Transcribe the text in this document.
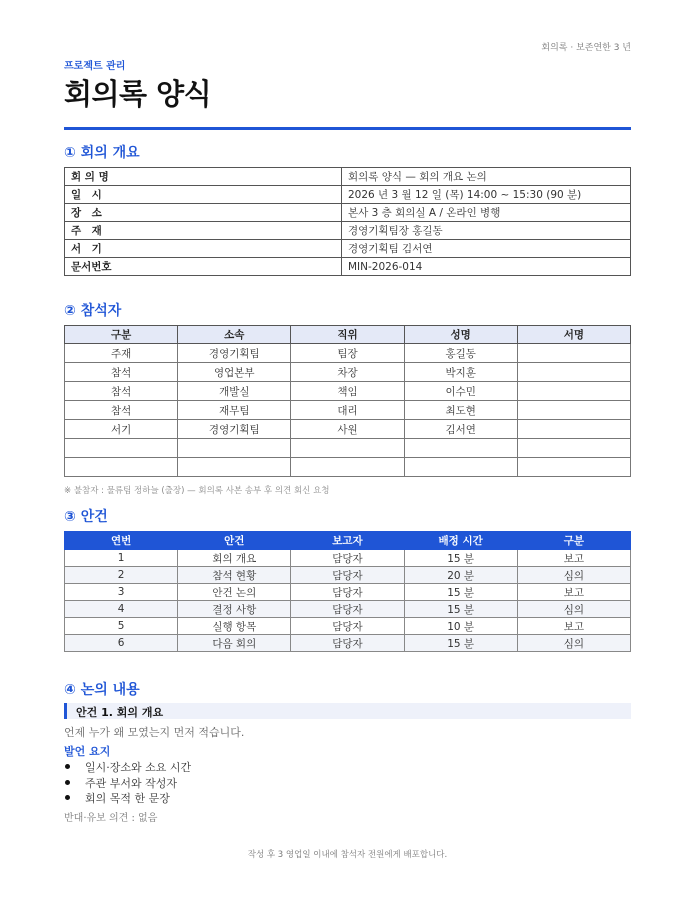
회의록 · 보존연한 3 년
프로젝트 관리
회의록 양식
① 회의 개요
회 의 명	회의록 양식 — 회의 개요 논의
일　시	2026 년 3 월 12 일 (목) 14:00 ~ 15:30 (90 분)
장　소	본사 3 층 회의실 A / 온라인 병행
주　재	경영기획팀장 홍길동
서　기	경영기획팀 김서연
문서번호	MIN-2026-014
② 참석자
구분	소속	직위	성명	서명
주재	경영기획팀	팀장	홍길동	
참석	영업본부	차장	박지훈	
참석	개발실	책임	이수민	
참석	재무팀	대리	최도현	
서기	경영기획팀	사원	김서연	

※ 불참자 : 물류팀 정하늘 (출장) — 회의록 사본 송부 후 의견 회신 요청
③ 안건
연번	안건	보고자	배정 시간	구분
1	회의 개요	담당자	15 분	보고
2	참석 현황	담당자	20 분	심의
3	안건 논의	담당자	15 분	보고
4	결정 사항	담당자	15 분	심의
5	실행 항목	담당자	10 분	보고
6	다음 회의	담당자	15 분	심의
④ 논의 내용
안건 1. 회의 개요
언제 누가 왜 모였는지 먼저 적습니다.
발언 요지
일시·장소와 소요 시간
주관 부서와 작성자
회의 목적 한 문장
반대·유보 의견 : 없음
작성 후 3 영업일 이내에 참석자 전원에게 배포합니다.
